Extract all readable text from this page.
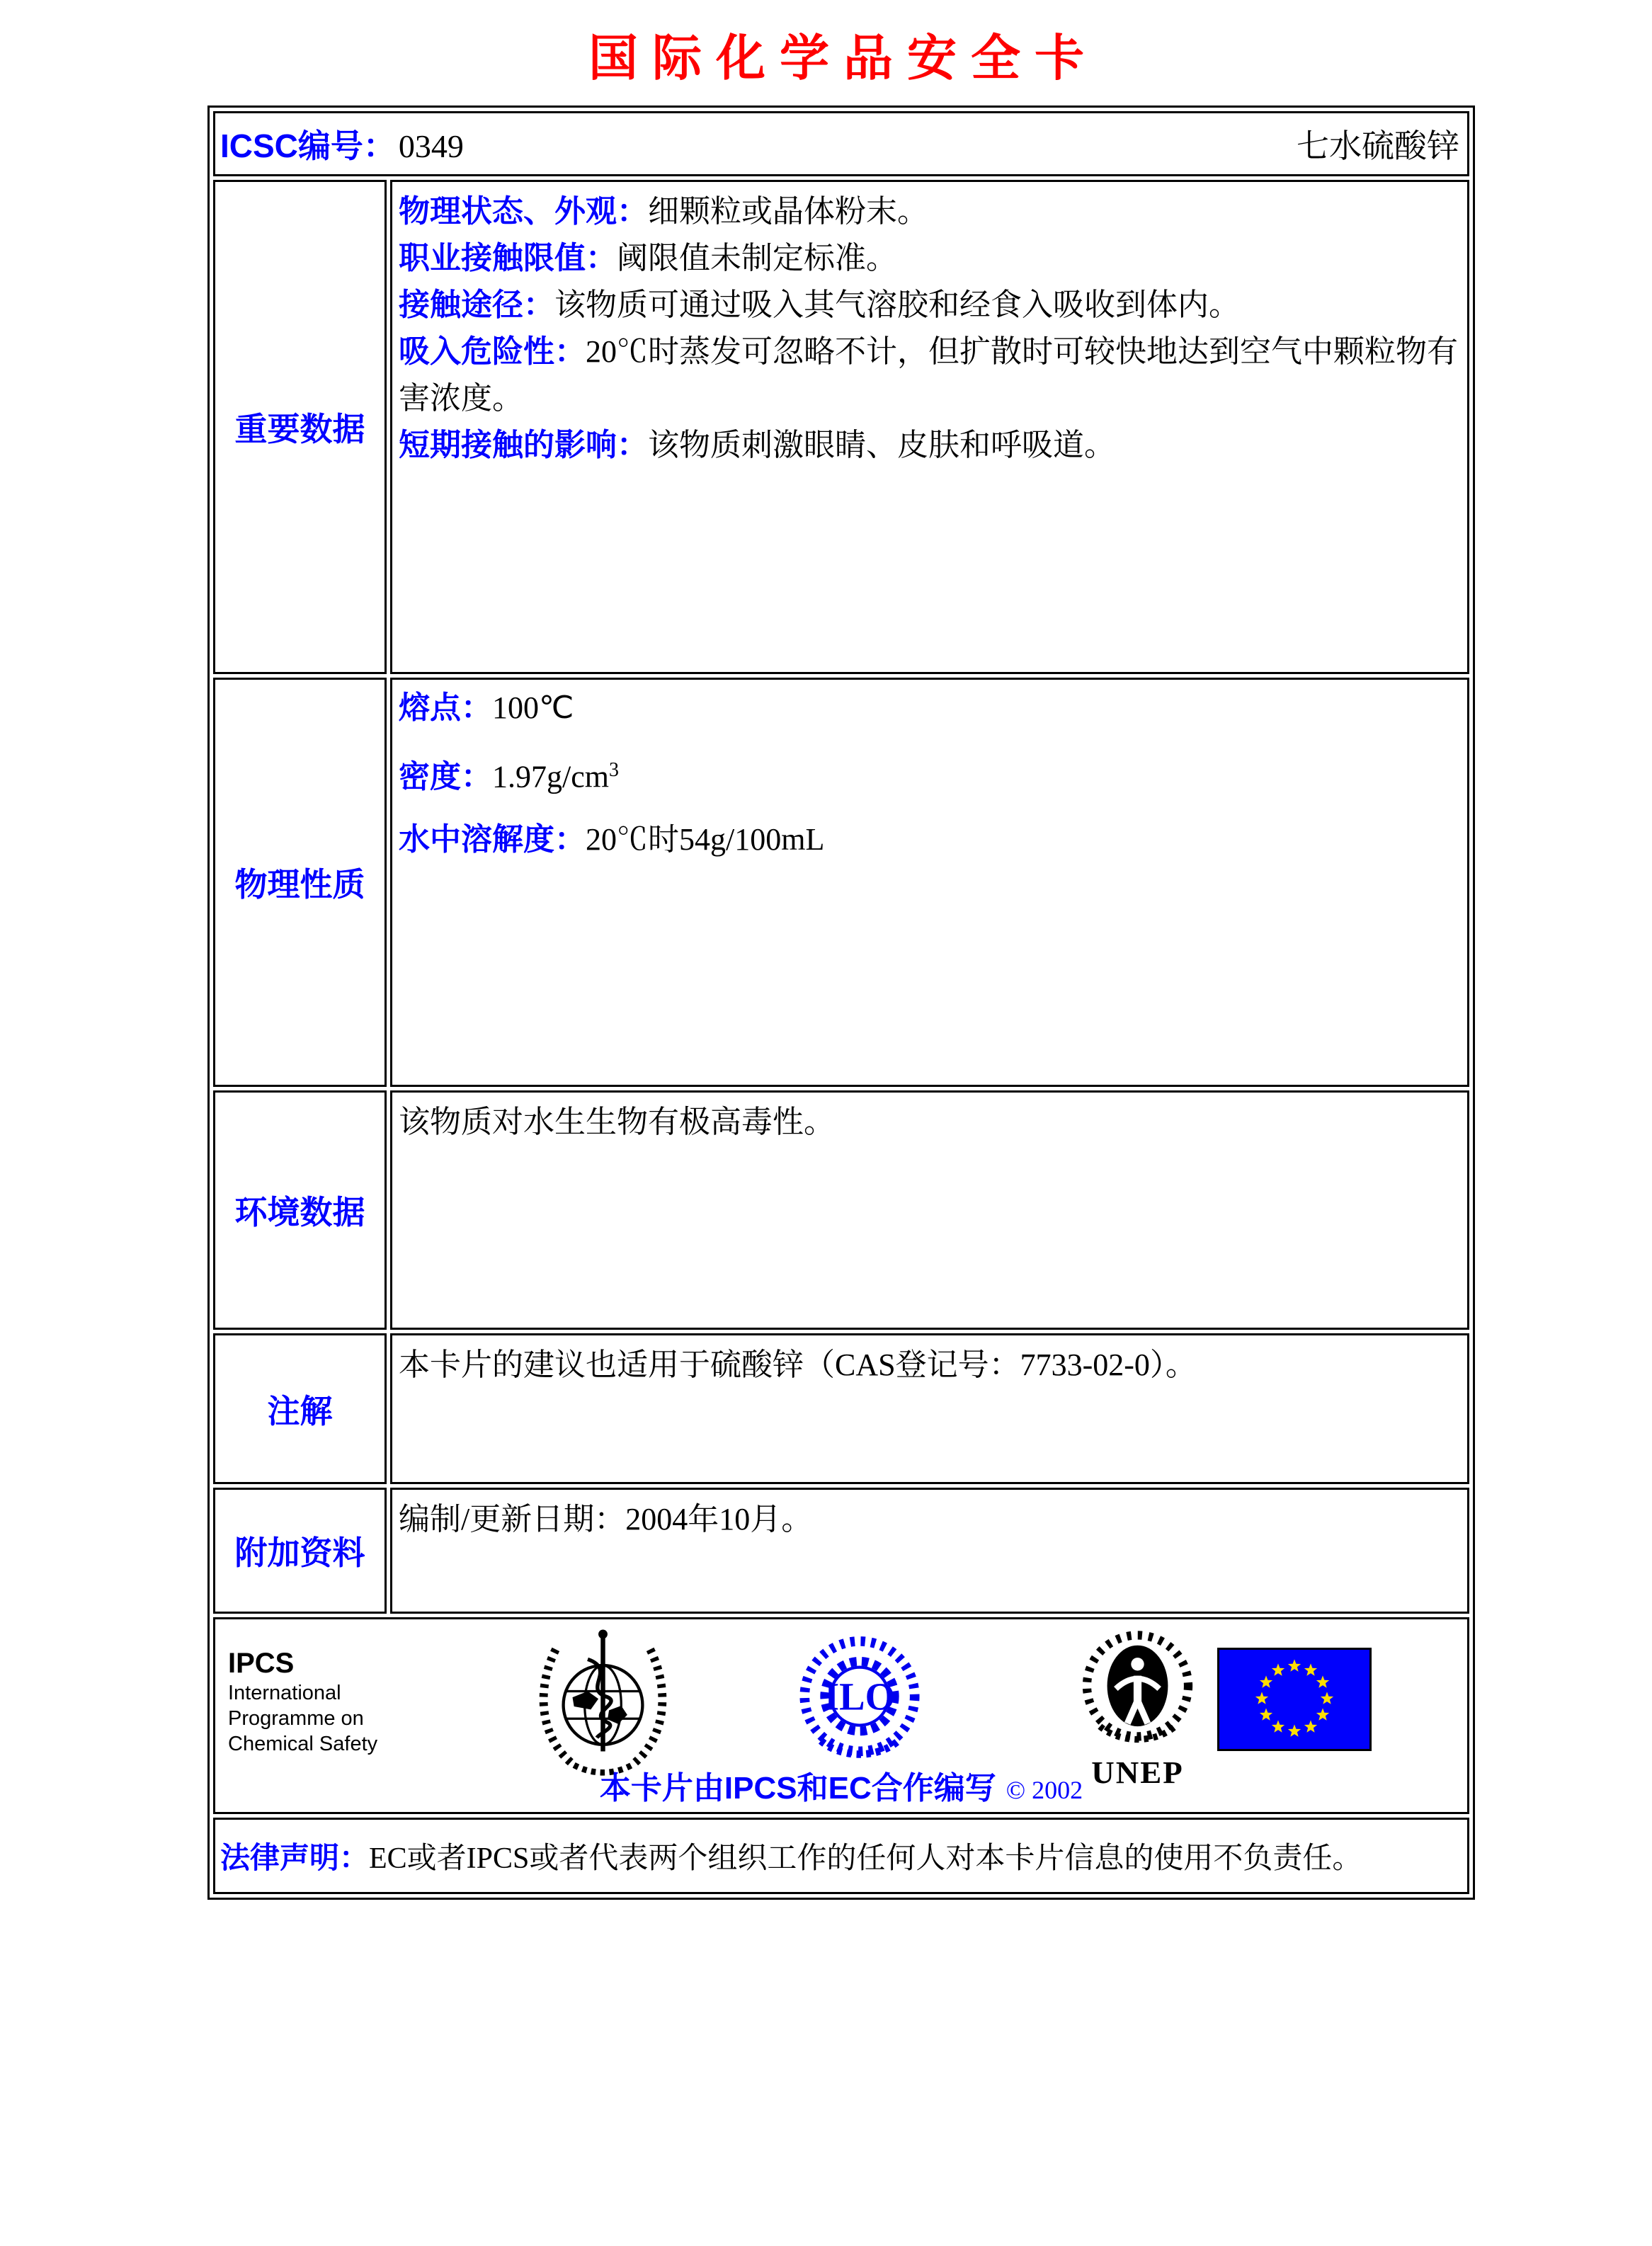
国际化学品安全卡
ICSC编号： 0349 七水硫酸锌	

重要数据	物理状态、外观：细颗粒或晶体粉末。

职业接触限值：阈限值未制定标准。

接触途径：该物质可通过吸入其气溶胶和经食入吸收到体内。

吸入危险性：20℃时蒸发可忽略不计，但扩散时可较快地达到空气中颗粒物有害浓度。

短期接触的影响：该物质刺激眼睛、皮肤和呼吸道。

物理性质	熔点：100℃

密度：$1.97g/cm^3$

水中溶解度：20℃时54g/100mL

环境数据	该物质对水生生物有极高毒性。

注解	本卡片的建议也适用于硫酸锌（CAS登记号：7733-02-0）。

附加资料	编制/更新日期：2004年10月。

IPCS
International
Programme on
Chemical Safety
ILO
UNEP
本卡片由IPCS和EC合作编写 © 2002

法律声明：EC或者IPCS或者代表两个组织工作的任何人对本卡片信息的使用不负责任。	
